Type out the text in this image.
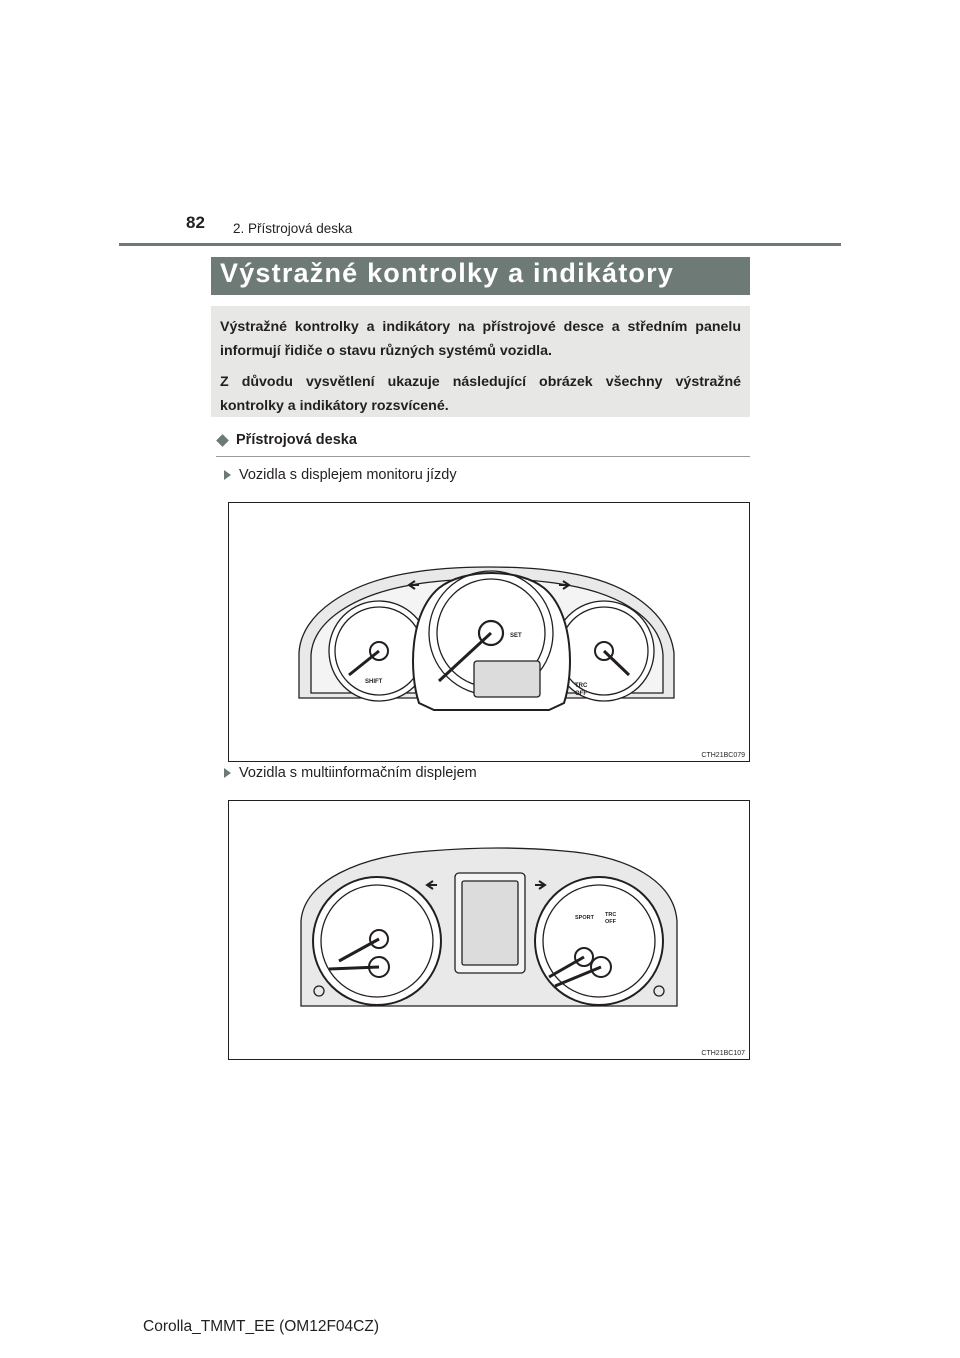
82 2. Přístrojová deska
Výstražné kontrolky a indikátory

Výstražné kontrolky a indikátory na přístrojové desce a středním panelu informují řidiče o stavu různých systémů vozidla.

Z důvodu vysvětlení ukazuje následující obrázek všechny výstražné kontrolky a indikátory rozsvícené.

Přístrojová deska
Vozidla s displejem monitoru jízdy
SHIFT
SET
TRC
OFF
CTH21BC079
Vozidla s multiinformačním displejem
SPORT TRC
OFF
CTH21BC107
Corolla_TMMT_EE (OM12F04CZ)
